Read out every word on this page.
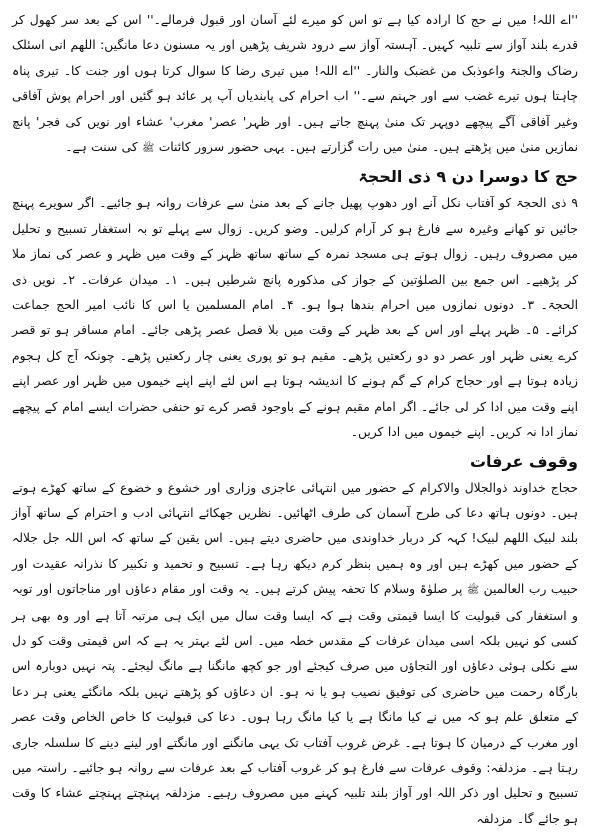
''اے اللہ! میں نے حج کا ارادہ کیا ہے تو اس کو میرے لئے آسان اور قبول فرمالے۔'' اس کے بعد سر کھول کر قدرے بلند آواز سے تلبیہ کہیں۔ آہستہ آواز سے درود شریف پڑھیں اور یہ مسنون دعا مانگیں: اللھم انی اسئلک رضاک والجنۃ واعوذبک من غضبک والنار۔ ''اے اللہ! میں تیری رضا کا سوال کرتا ہوں اور جنت کا۔ تیری پناہ چاہتا ہوں تیرے غضب سے اور جہنم سے۔'' اب احرام کی پابندیاں آپ پر عائد ہو گئیں اور احرام پوش آفاقی وغیر آفاقی آگے پیچھے دوپہر تک منیٰ پہنچ جاتے ہیں۔ اور ظہر' عصر' مغرب' عشاء اور نویں کی فجر' پانچ نمازیں منیٰ میں پڑھتے ہیں۔ منیٰ میں رات گزارتے ہیں۔ یہی حضور سرور کائنات ﷺ کی سنت ہے۔

حج کا دوسرا دن ۹ ذی الحجۃ

۹ ذی الحجۃ کو آفتاب نکل آنے اور دھوپ پھیل جانے کے بعد منیٰ سے عرفات روانہ ہو جائیے۔ اگر سویرے پہنچ جائیں تو کھانے وغیرہ سے فارغ ہو کر آرام کرلیں۔ وضو کریں۔ زوال سے پہلے تو بہ استغفار تسبیح و تحلیل میں مصروف رہیں۔ زوال ہوتے ہی مسجد نمرہ کے ساتھ ساتھ ظہر کے وقت میں ظہر و عصر کی نماز ملا کر پڑھیے۔ اس جمع بین الصلوٰتین کے جواز کی مذکورہ پانچ شرطیں ہیں۔ ۱۔ میدان عرفات۔ ۲۔ نویں ذی الحجۃ۔ ۳۔ دونوں نمازوں میں احرام بندھا ہوا ہو۔ ۴۔ امام المسلمین یا اس کا نائب امیر الحج جماعت کرائے۔ ۵۔ ظہر پہلے اور اس کے بعد ظہر کے وقت میں بلا فصل عصر پڑھی جائے۔ امام مسافر ہو تو قصر کرے یعنی ظہر اور عصر دو دو رکعتیں پڑھے۔ مقیم ہو تو پوری یعنی چار رکعتیں پڑھے۔ چونکہ آج کل ہجوم زیادہ ہوتا ہے اور حجاج کرام کے گم ہونے کا اندیشہ ہوتا ہے اس لئے اپنے اپنے خیموں میں ظہر اور عصر اپنے اپنے وقت میں ادا کر لی جائے۔ اگر امام مقیم ہونے کے باوجود قصر کرے تو حنفی حضرات ایسے امام کے پیچھے نماز ادا نہ کریں۔ اپنے خیموں میں ادا کریں۔

وقوف عرفات

حجاج خداوند ذوالجلال والاکرام کے حضور میں انتہائی عاجزی وزاری اور خشوع و خضوع کے ساتھ کھڑے ہوتے ہیں۔ دونوں ہاتھ دعا کی طرح آسمان کی طرف اٹھائیں۔ نظریں جھکائے انتہائی ادب و احترام کے ساتھ آواز بلند لبیک اللھم لبیک! کہہ کر دربار خداوندی میں حاضری دیتے ہیں۔ اس یقین کے ساتھ کہ اس اللہ جل جلالہ کے حضور میں کھڑے ہیں اور وہ ہمیں بنظر کرم دیکھ رہا ہے۔ تسبیح و تحمید و تکبیر کا نذرانہ عقیدت اور حبیب رب العالمین ﷺ پر صلوٰۃ وسلام کا تحفہ پیش کرتے ہیں۔ یہ وقت اور مقام دعاؤں اور مناجاتوں اور توبہ و استغفار کی قبولیت کا ایسا قیمتی وقت ہے کہ ایسا وقت سال میں ایک ہی مرتبہ آتا ہے اور وہ بھی ہر کسی کو نہیں بلکہ اسی میدان عرفات کے مقدس خطہ میں۔ اس لئے بہتر یہ ہے کہ اس قیمتی وقت کو دل سے نکلی ہوئی دعاؤں اور التجاؤں میں صرف کیجئے اور جو کچھ مانگنا ہے مانگ لیجئے۔ پتہ نہیں دوبارہ اس بارگاہ رحمت میں حاضری کی توفیق نصیب ہو یا نہ ہو۔ ان دعاؤں کو پڑھتے نہیں بلکہ مانگئے یعنی ہر دعا کے متعلق علم ہو کہ میں نے کیا مانگا ہے یا کیا مانگ رہا ہوں۔ دعا کی قبولیت کا خاص الخاص وقت عصر اور مغرب کے درمیان کا ہوتا ہے۔ غرض غروب آفتاب تک یہی مانگنے اور مانگتے اور لینے دینے کا سلسلہ جاری رہتا ہے۔ مزدلفہ: وقوف عرفات سے فارغ ہو کر غروب آفتاب کے بعد عرفات سے روانہ ہو جائیے۔ راستہ میں تسبیح و تحلیل اور ذکر اللہ اور آواز بلند تلبیہ کہنے میں مصروف رہیے۔ مزدلفہ پہنچتے پہنچتے عشاء کا وقت ہو جائے گا۔ مزدلفہ
